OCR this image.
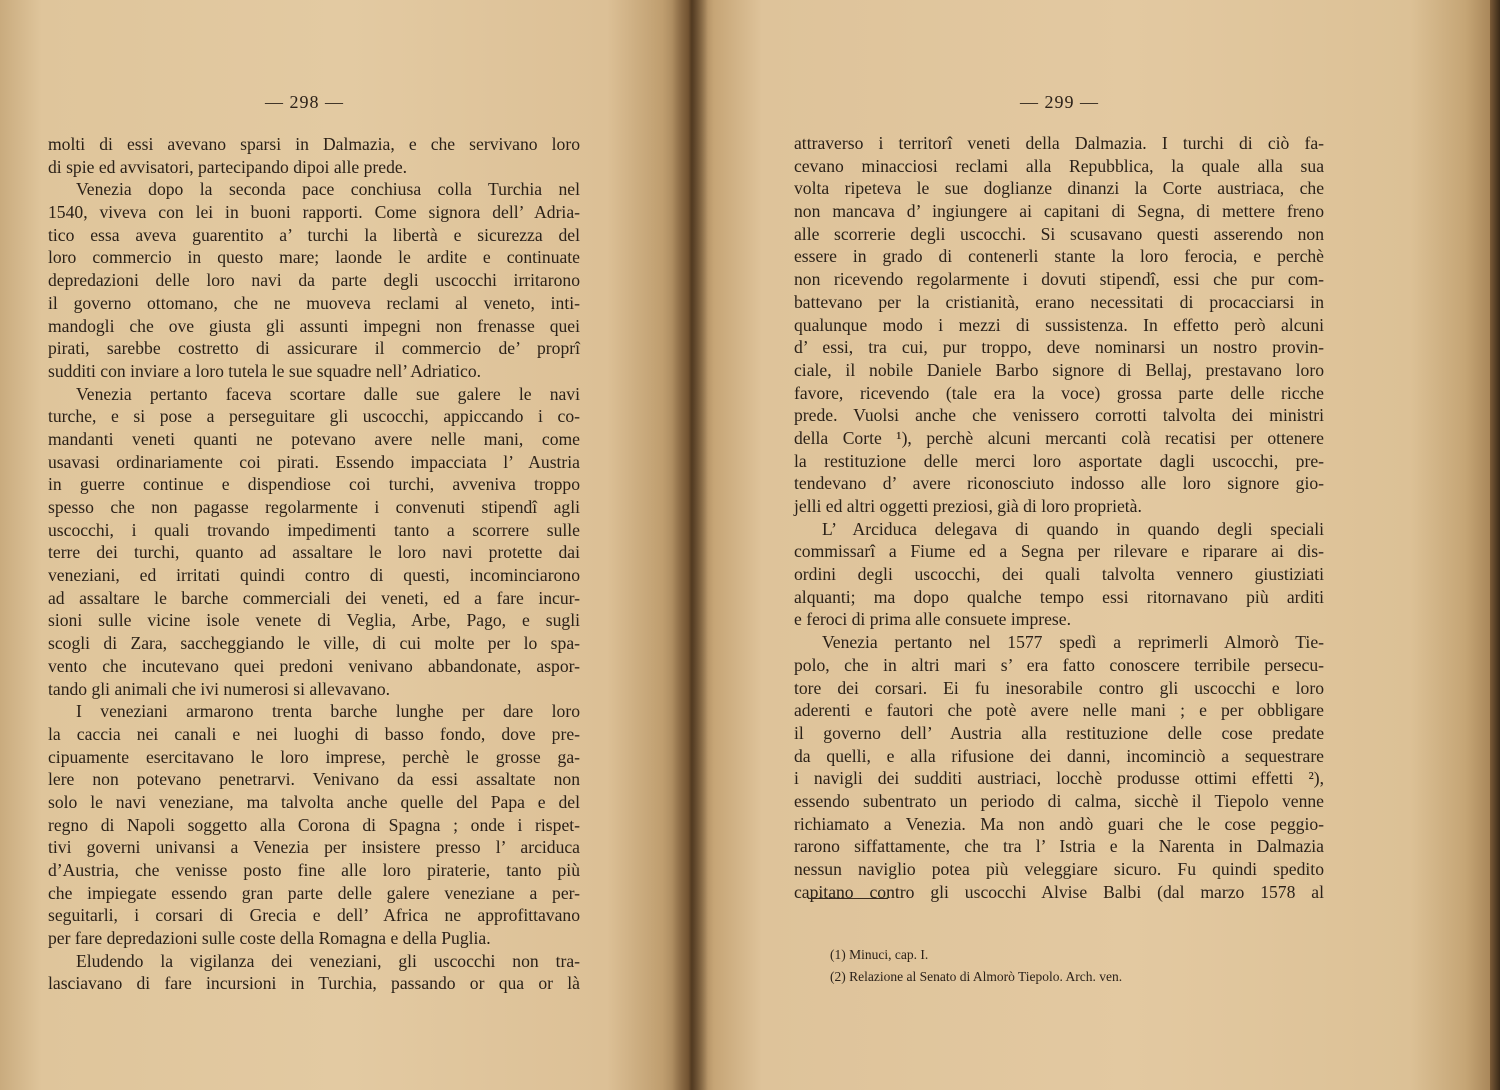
— 298 —
molti di essi avevano sparsi in Dalmazia, e che servivano loro
di spie ed avvisatori, partecipando dipoi alle prede.
Venezia dopo la seconda pace conchiusa colla Turchia nel
1540, viveva con lei in buoni rapporti. Come signora dell’ Adria-
tico essa aveva guarentito a’ turchi la libertà e sicurezza del
loro commercio in questo mare; laonde le ardite e continuate
depredazioni delle loro navi da parte degli uscocchi irritarono
il governo ottomano, che ne muoveva reclami al veneto, inti-
mandogli che ove giusta gli assunti impegni non frenasse quei
pirati, sarebbe costretto di assicurare il commercio de’ proprî
sudditi con inviare a loro tutela le sue squadre nell’ Adriatico.
Venezia pertanto faceva scortare dalle sue galere le navi
turche, e si pose a perseguitare gli uscocchi, appiccando i co-
mandanti veneti quanti ne potevano avere nelle mani, come
usavasi ordinariamente coi pirati. Essendo impacciata l’ Austria
in guerre continue e dispendiose coi turchi, avveniva troppo
spesso che non pagasse regolarmente i convenuti stipendî agli
uscocchi, i quali trovando impedimenti tanto a scorrere sulle
terre dei turchi, quanto ad assaltare le loro navi protette dai
veneziani, ed irritati quindi contro di questi, incominciarono
ad assaltare le barche commerciali dei veneti, ed a fare incur-
sioni sulle vicine isole venete di Veglia, Arbe, Pago, e sugli
scogli di Zara, saccheggiando le ville, di cui molte per lo spa-
vento che incutevano quei predoni venivano abbandonate, aspor-
tando gli animali che ivi numerosi si allevavano.
I veneziani armarono trenta barche lunghe per dare loro
la caccia nei canali e nei luoghi di basso fondo, dove pre-
cipuamente esercitavano le loro imprese, perchè le grosse ga-
lere non potevano penetrarvi. Venivano da essi assaltate non
solo le navi veneziane, ma talvolta anche quelle del Papa e del
regno di Napoli soggetto alla Corona di Spagna ; onde i rispet-
tivi governi univansi a Venezia per insistere presso l’ arciduca
d’Austria, che venisse posto fine alle loro piraterie, tanto più
che impiegate essendo gran parte delle galere veneziane a per-
seguitarli, i corsari di Grecia e dell’ Africa ne approfittavano
per fare depredazioni sulle coste della Romagna e della Puglia.
Eludendo la vigilanza dei veneziani, gli uscocchi non tra-
lasciavano di fare incursioni in Turchia, passando or qua or là
— 299 —
attraverso i territorî veneti della Dalmazia. I turchi di ciò fa-
cevano minacciosi reclami alla Repubblica, la quale alla sua
volta ripeteva le sue doglianze dinanzi la Corte austriaca, che
non mancava d’ ingiungere ai capitani di Segna, di mettere freno
alle scorrerie degli uscocchi. Si scusavano questi asserendo non
essere in grado di contenerli stante la loro ferocia, e perchè
non ricevendo regolarmente i dovuti stipendî, essi che pur com-
battevano per la cristianità, erano necessitati di procacciarsi in
qualunque modo i mezzi di sussistenza. In effetto però alcuni
d’ essi, tra cui, pur troppo, deve nominarsi un nostro provin-
ciale, il nobile Daniele Barbo signore di Bellaj, prestavano loro
favore, ricevendo (tale era la voce) grossa parte delle ricche
prede. Vuolsi anche che venissero corrotti talvolta dei ministri
della Corte ¹), perchè alcuni mercanti colà recatisi per ottenere
la restituzione delle merci loro asportate dagli uscocchi, pre-
tendevano d’ avere riconosciuto indosso alle loro signore gio-
jelli ed altri oggetti preziosi, già di loro proprietà.
L’ Arciduca delegava di quando in quando degli speciali
commissarî a Fiume ed a Segna per rilevare e riparare ai dis-
ordini degli uscocchi, dei quali talvolta vennero giustiziati
alquanti; ma dopo qualche tempo essi ritornavano più arditi
e feroci di prima alle consuete imprese.
Venezia pertanto nel 1577 spedì a reprimerli Almorò Tie-
polo, che in altri mari s’ era fatto conoscere terribile persecu-
tore dei corsari. Ei fu inesorabile contro gli uscocchi e loro
aderenti e fautori che potè avere nelle mani ; e per obbligare
il governo dell’ Austria alla restituzione delle cose predate
da quelli, e alla rifusione dei danni, incominciò a sequestrare
i navigli dei sudditi austriaci, locchè produsse ottimi effetti ²),
essendo subentrato un periodo di calma, sicchè il Tiepolo venne
richiamato a Venezia. Ma non andò guari che le cose peggio-
rarono siffattamente, che tra l’ Istria e la Narenta in Dalmazia
nessun naviglio potea più veleggiare sicuro. Fu quindi spedito
capitano contro gli uscocchi Alvise Balbi (dal marzo 1578 al
(1) Minuci, cap. I.
(2) Relazione al Senato di Almorò Tiepolo. Arch. ven.
